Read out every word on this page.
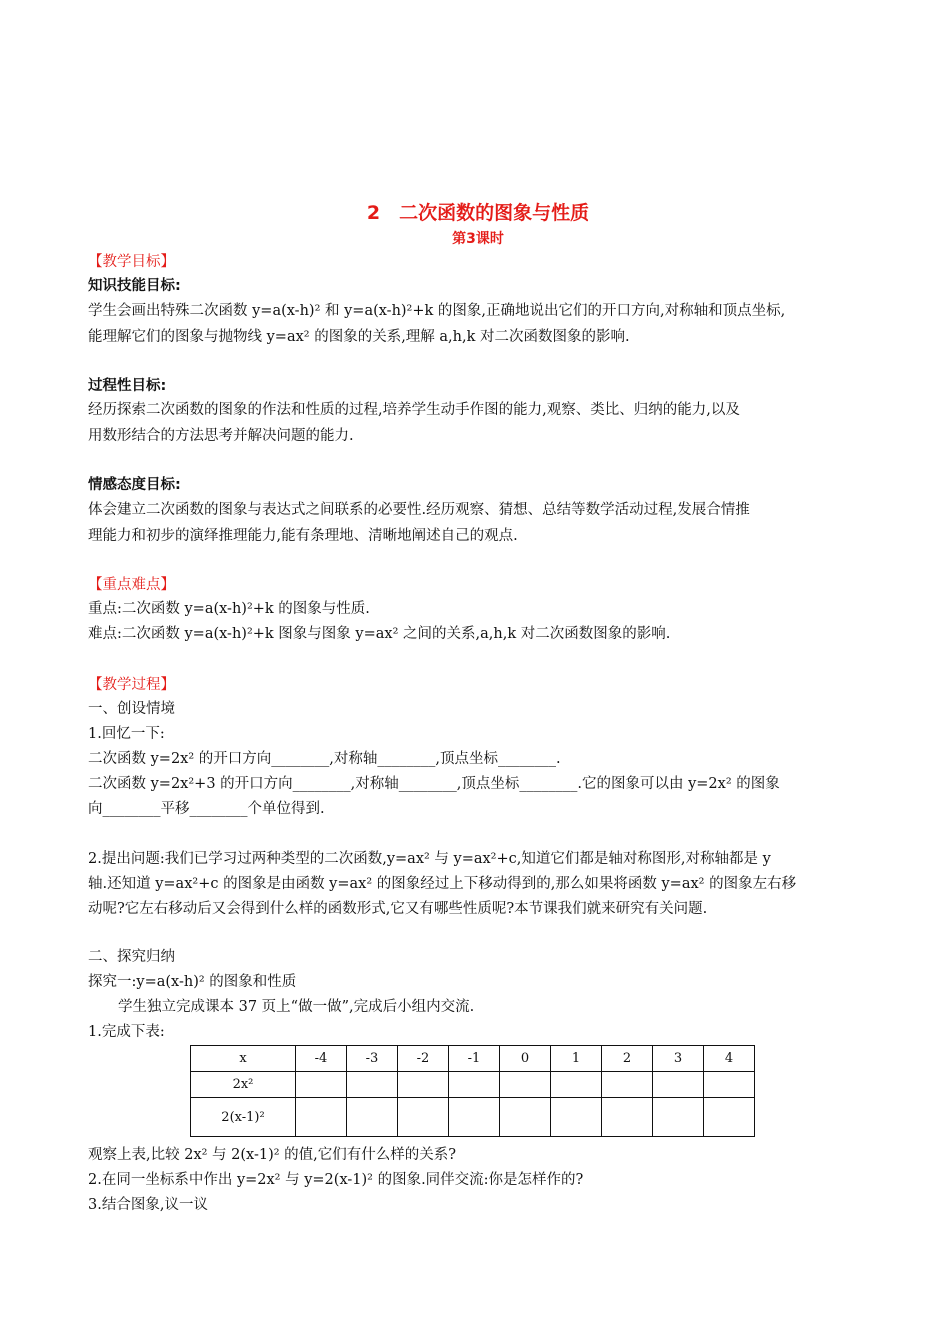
2　二次函数的图象与性质
第3课时
【教学目标】
知识技能目标:
学生会画出特殊二次函数 y=a(x-h)² 和 y=a(x-h)²+k 的图象,正确地说出它们的开口方向,对称轴和顶点坐标,
能理解它们的图象与抛物线 y=ax² 的图象的关系,理解 a,h,k 对二次函数图象的影响.
过程性目标:
经历探索二次函数的图象的作法和性质的过程,培养学生动手作图的能力,观察、类比、归纳的能力,以及
用数形结合的方法思考并解决问题的能力.
情感态度目标:
体会建立二次函数的图象与表达式之间联系的必要性.经历观察、猜想、总结等数学活动过程,发展合情推
理能力和初步的演绎推理能力,能有条理地、清晰地阐述自己的观点.
【重点难点】
重点:二次函数 y=a(x-h)²+k 的图象与性质.
难点:二次函数 y=a(x-h)²+k 图象与图象 y=ax² 之间的关系,a,h,k 对二次函数图象的影响.
【教学过程】
一、创设情境
1.回忆一下:
二次函数 y=2x² 的开口方向________,对称轴________,顶点坐标________.
二次函数 y=2x²+3 的开口方向________,对称轴________,顶点坐标________.它的图象可以由 y=2x² 的图象
向________平移________个单位得到.
2.提出问题:我们已学习过两种类型的二次函数,y=ax² 与 y=ax²+c,知道它们都是轴对称图形,对称轴都是 y
轴.还知道 y=ax²+c 的图象是由函数 y=ax² 的图象经过上下移动得到的,那么如果将函数 y=ax² 的图象左右移
动呢?它左右移动后又会得到什么样的函数形式,它又有哪些性质呢?本节课我们就来研究有关问题.
二、探究归纳
探究一:y=a(x-h)² 的图象和性质
学生独立完成课本 37 页上“做一做”,完成后小组内交流.
1.完成下表:
x	-4	-3	-2	-1	0	1	2	3	4
2x²									
2(x-1)²									
观察上表,比较 2x² 与 2(x-1)² 的值,它们有什么样的关系?
2.在同一坐标系中作出 y=2x² 与 y=2(x-1)² 的图象.同伴交流:你是怎样作的?
3.结合图象,议一议
